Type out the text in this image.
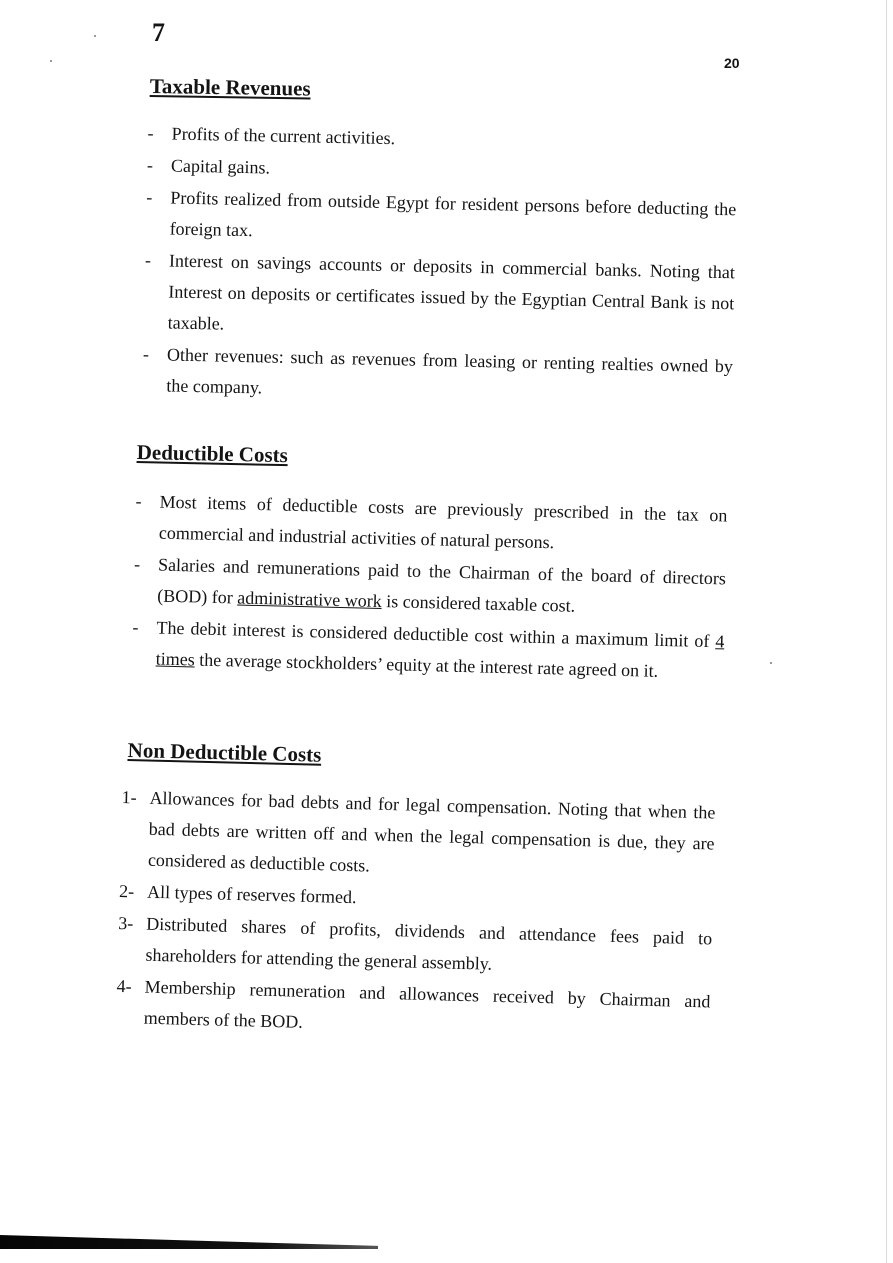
7
20
Taxable Revenues
- Profits of the current activities.
- Capital gains.
- Profits realized from outside Egypt for resident persons before deducting the foreign tax.
- Interest on savings accounts or deposits in commercial banks. Noting that Interest on deposits or certificates issued by the Egyptian Central Bank is not taxable.
- Other revenues: such as revenues from leasing or renting realties owned by the company.
Deductible Costs
- Most items of deductible costs are previously prescribed in the tax on commercial and industrial activities of natural persons.
- Salaries and remunerations paid to the Chairman of the board of directors (BOD) for administrative work is considered taxable cost.
- The debit interest is considered deductible cost within a maximum limit of 4 times the average stockholders’ equity at the interest rate agreed on it.
Non Deductible Costs
1- Allowances for bad debts and for legal compensation. Noting that when the bad debts are written off and when the legal compensation is due, they are considered as deductible costs.
2- All types of reserves formed.
3- Distributed shares of profits, dividends and attendance fees paid to shareholders for attending the general assembly.
4- Membership remuneration and allowances received by Chairman and members of the BOD.
